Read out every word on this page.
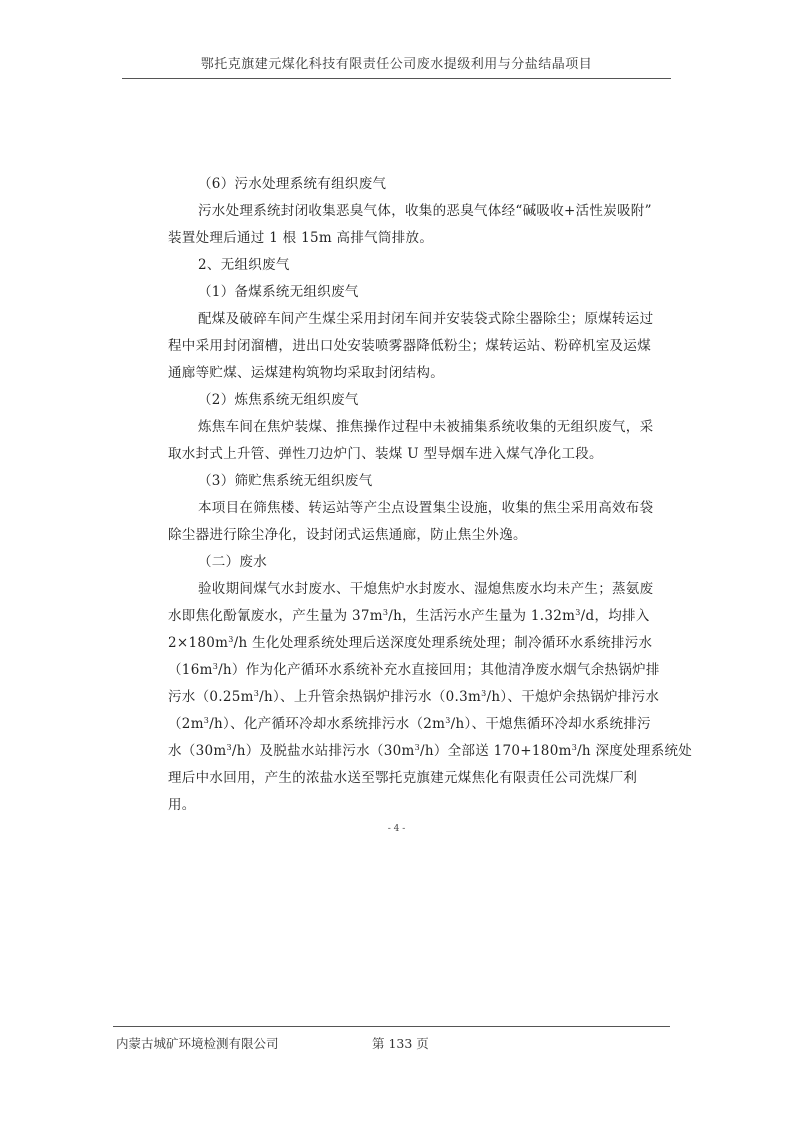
鄂托克旗建元煤化科技有限责任公司废水提级利用与分盐结晶项目
（6）污水处理系统有组织废气
污水处理系统封闭收集恶臭气体，收集的恶臭气体经“碱吸收+活性炭吸附”
装置处理后通过 1 根 15m 高排气筒排放。
2、无组织废气
（1）备煤系统无组织废气
配煤及破碎车间产生煤尘采用封闭车间并安装袋式除尘器除尘；原煤转运过
程中采用封闭溜槽，进出口处安装喷雾器降低粉尘；煤转运站、粉碎机室及运煤
通廊等贮煤、运煤建构筑物均采取封闭结构。
（2）炼焦系统无组织废气
炼焦车间在焦炉装煤、推焦操作过程中未被捕集系统收集的无组织废气，采
取水封式上升管、弹性刀边炉门、装煤 U 型导烟车进入煤气净化工段。
（3）筛贮焦系统无组织废气
本项目在筛焦楼、转运站等产尘点设置集尘设施，收集的焦尘采用高效布袋
除尘器进行除尘净化，设封闭式运焦通廊，防止焦尘外逸。
（二）废水
验收期间煤气水封废水、干熄焦炉水封废水、湿熄焦废水均未产生；蒸氨废
水即焦化酚氰废水，产生量为 $37m^3/h$，生活污水产生量为 $1.32m^3/d$，均排入
$2\times 180m^3/h$ 生化处理系统处理后送深度处理系统处理；制冷循环水系统排污水
$(16m^3/h)$作为化产循环水系统补充水直接回用；其他清净废水烟气余热锅炉排
污水$(0.25m^3/h)$、上升管余热锅炉排污水$(0.3m^3/h)$、干熄炉余热锅炉排污水
$(2m^3/h)$、化产循环冷却水系统排污水$(2m^3/h)$、干熄焦循环冷却水系统排污
水$(30m^3/h)$及脱盐水站排污水$(30m^3/h)$全部送 $170+180m^3/h$ 深度处理系统处
理后中水回用，产生的浓盐水送至鄂托克旗建元煤焦化有限责任公司洗煤厂利
用。
- 4 -
内蒙古城矿环境检测有限公司	第 133 页
